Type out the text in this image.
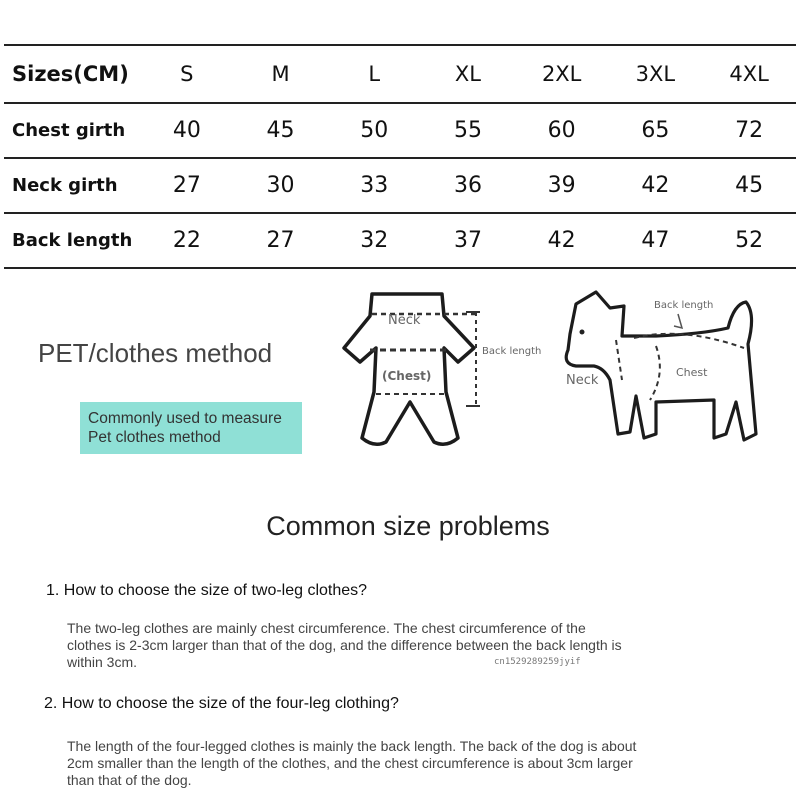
Sizes(CM)	S	M	L	XL	2XL	3XL	4XL
Chest girth	40	45	50	55	60	65	72
Neck girth	27	30	33	36	39	42	45
Back length	22	27	32	37	42	47	52
PET/clothes method
Commonly used to measure
Pet clothes method
Neck
(Chest)
Back length
Back length
Neck
Chest
Common size problems
1. How to choose the size of two-leg clothes?
The two-leg clothes are mainly chest circumference. The chest circumference of the
clothes is 2-3cm larger than that of the dog, and the difference between the back length is
within 3cm.	cn1529289259jyif
2. How to choose the size of the four-leg clothing?
The length of the four-legged clothes is mainly the back length. The back of the dog is about
2cm smaller than the length of the clothes, and the chest circumference is about 3cm larger
than that of the dog.
